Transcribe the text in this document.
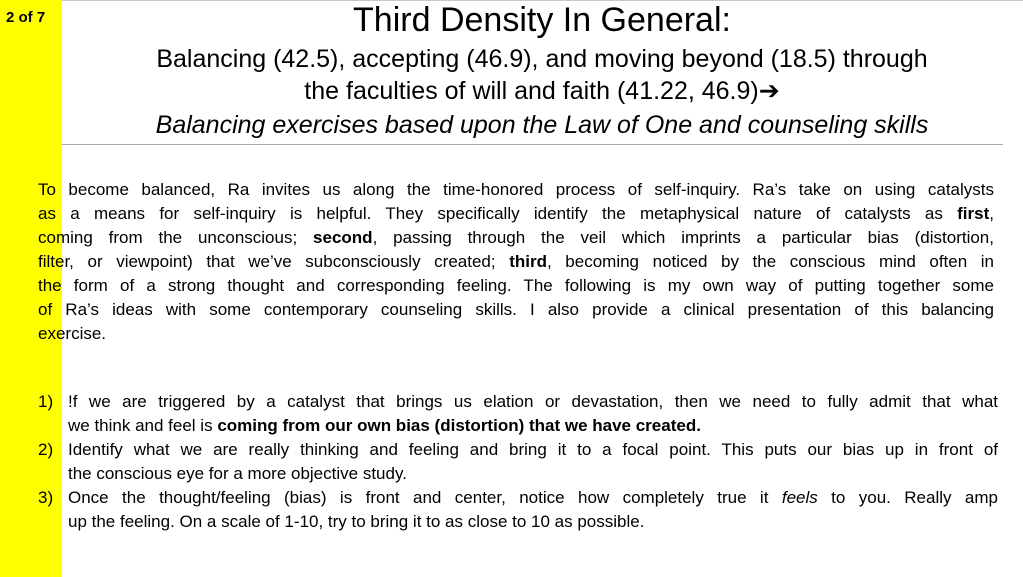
2 of 7	Third Density In General:
Balancing (42.5), accepting (46.9), and moving beyond (18.5) through
the faculties of will and faith (41.22, 46.9)➔
Balancing exercises based upon the Law of One and counseling skills
To become balanced, Ra invites us along the time-honored process of self-inquiry. Ra’s take on using catalysts
as a means for self-inquiry is helpful. They specifically identify the metaphysical nature of catalysts as first,
coming from the unconscious; second, passing through the veil which imprints a particular bias (distortion,
filter, or viewpoint) that we’ve subconsciously created; third, becoming noticed by the conscious mind often in
the form of a strong thought and corresponding feeling. The following is my own way of putting together some
of Ra’s ideas with some contemporary counseling skills. I also provide a clinical presentation of this balancing
exercise.
1) !f we are triggered by a catalyst that brings us elation or devastation, then we need to fully admit that what
we think and feel is coming from our own bias (distortion) that we have created.
2) Identify what we are really thinking and feeling and bring it to a focal point. This puts our bias up in front of
the conscious eye for a more objective study.
3) Once the thought/feeling (bias) is front and center, notice how completely true it feels to you. Really amp
up the feeling. On a scale of 1-10, try to bring it to as close to 10 as possible.
